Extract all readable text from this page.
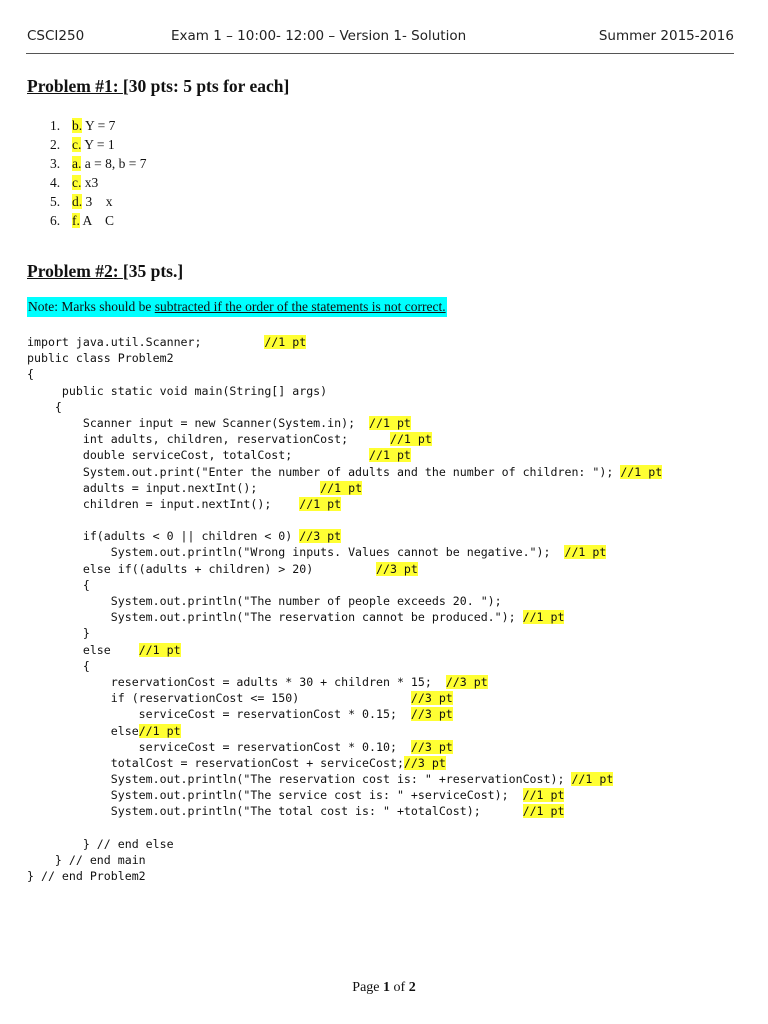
CSCI250	Exam 1 – 10:00- 12:00 – Version 1- Solution	Summer 2015-2016
Problem #1: [30 pts: 5 pts for each]
1. b. Y = 7
2. c. Y = 1
3. a. a = 8, b = 7
4. c. x3
5. d. 3    x
6. f. A    C
Problem #2: [35 pts.]
Note: Marks should be subtracted if the order of the statements is not correct.
import java.util.Scanner;         //1 pt
public class Problem2
{
public static void main(String[] args)
{
Scanner input = new Scanner(System.in);  //1 pt
int adults, children, reservationCost;      //1 pt
double serviceCost, totalCost;           //1 pt
System.out.print("Enter the number of adults and the number of children: "); //1 pt
adults = input.nextInt();         //1 pt
children = input.nextInt();    //1 pt
if(adults < 0 || children < 0) //3 pt
System.out.println("Wrong inputs. Values cannot be negative.");  //1 pt
else if((adults + children) > 20)         //3 pt
{
System.out.println("The number of people exceeds 20. ");
System.out.println("The reservation cannot be produced."); //1 pt
}
else    //1 pt
{
reservationCost = adults * 30 + children * 15;  //3 pt
if (reservationCost <= 150)                //3 pt
serviceCost = reservationCost * 0.15;  //3 pt
else//1 pt
serviceCost = reservationCost * 0.10;  //3 pt
totalCost = reservationCost + serviceCost;//3 pt
System.out.println("The reservation cost is: " +reservationCost); //1 pt
System.out.println("The service cost is: " +serviceCost);  //1 pt
System.out.println("The total cost is: " +totalCost);      //1 pt
} // end else
} // end main
} // end Problem2
Page 1 of 2
